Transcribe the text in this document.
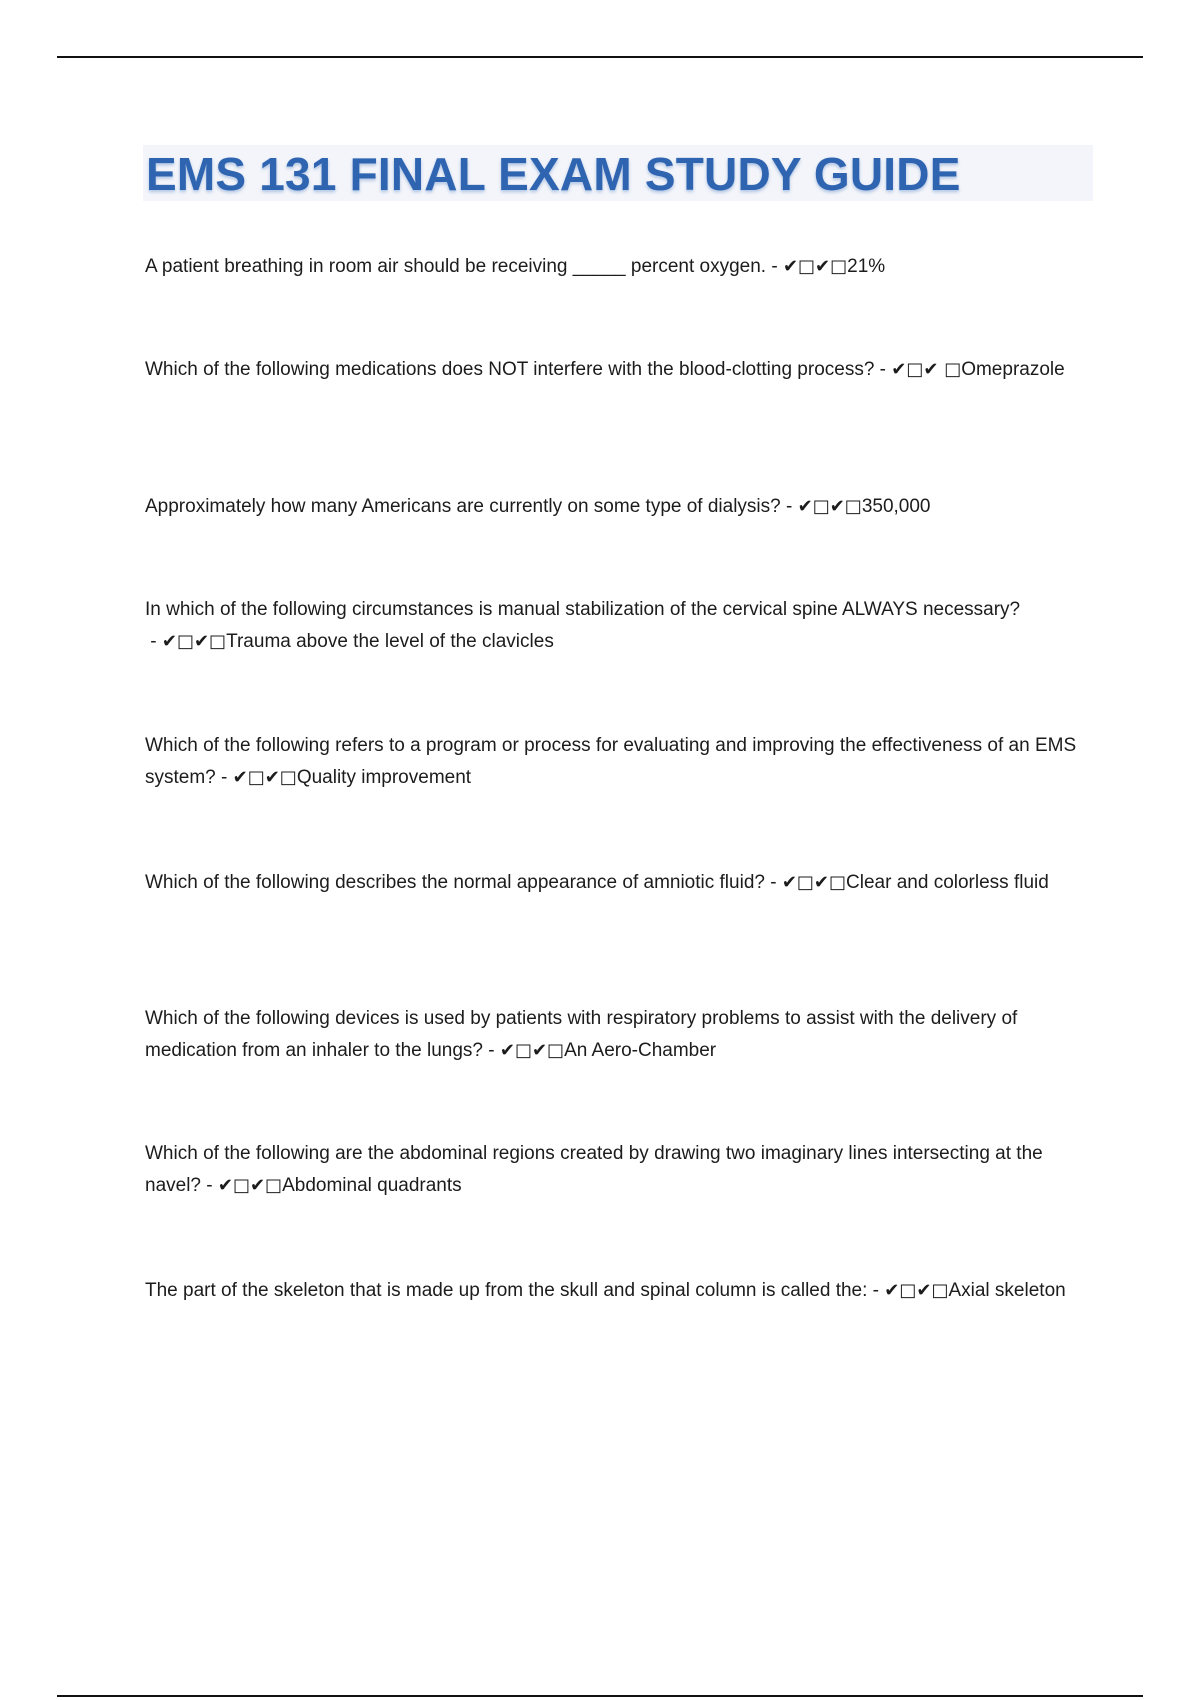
EMS 131 FINAL EXAM STUDY GUIDE

A patient breathing in room air should be receiving _____ percent oxygen. - ✔□✔□21%

Which of the following medications does NOT interfere with the blood-clotting process? - ✔□✔ □Omeprazole

Approximately how many Americans are currently on some type of dialysis? - ✔□✔□350,000

In which of the following circumstances is manual stabilization of the cervical spine ALWAYS necessary? - ✔□✔□Trauma above the level of the clavicles

Which of the following refers to a program or process for evaluating and improving the effectiveness of an EMS system? - ✔□✔□Quality improvement

Which of the following describes the normal appearance of amniotic fluid? - ✔□✔□Clear and colorless fluid

Which of the following devices is used by patients with respiratory problems to assist with the delivery of medication from an inhaler to the lungs? - ✔□✔□An Aero-Chamber

Which of the following are the abdominal regions created by drawing two imaginary lines intersecting at the navel? - ✔□✔□Abdominal quadrants

The part of the skeleton that is made up from the skull and spinal column is called the: - ✔□✔□Axial skeleton
